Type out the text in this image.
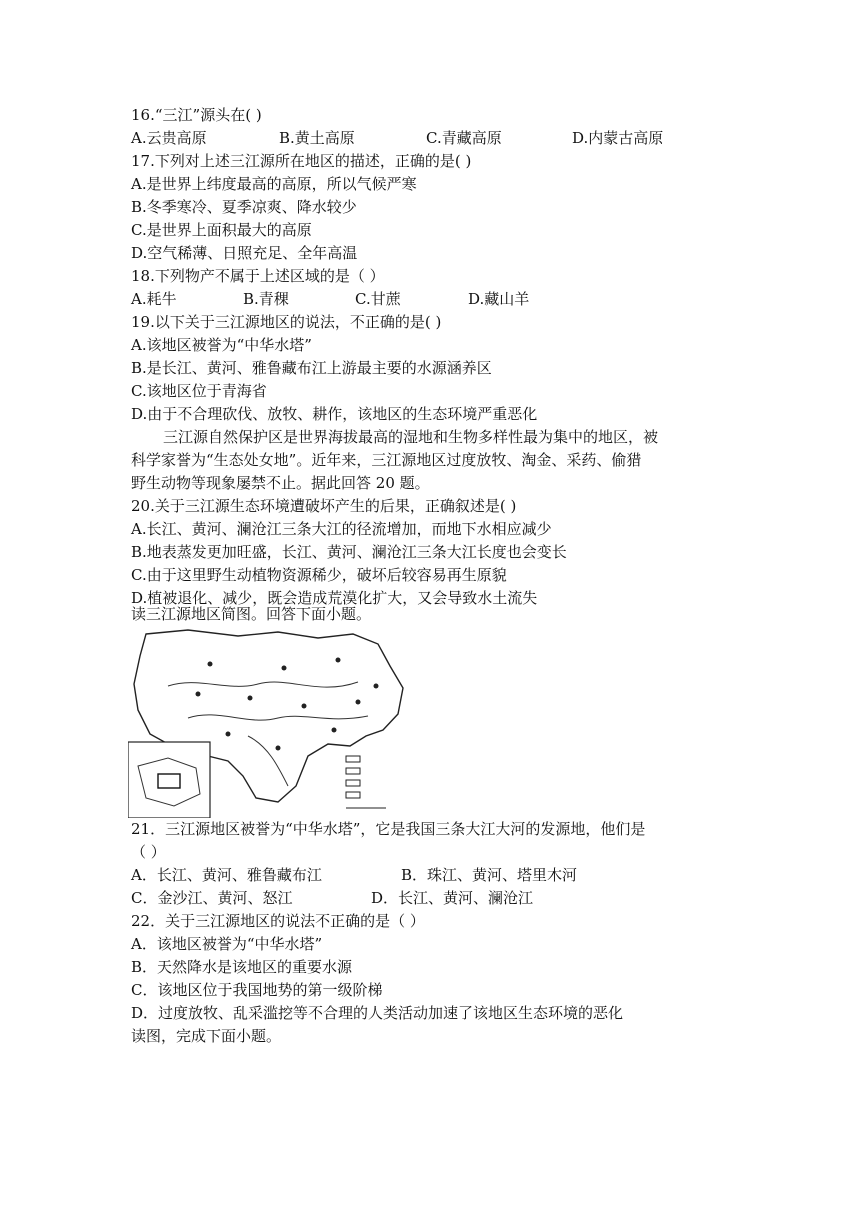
16.“三江”源头在( )
A.云贵高原	B.黄土高原	C.青藏高原	D.内蒙古高原
17.下列对上述三江源所在地区的描述，正确的是( )
A.是世界上纬度最高的高原，所以气候严寒
B.冬季寒冷、夏季凉爽、降水较少
C.是世界上面积最大的高原
D.空气稀薄、日照充足、全年高温
18.下列物产不属于上述区域的是（ ）
A.耗牛	B.青稞	C.甘蔗	D.藏山羊
19.以下关于三江源地区的说法，不正确的是( )
A.该地区被誉为“中华水塔”
B.是长江、黄河、雅鲁藏布江上游最主要的水源涵养区
C.该地区位于青海省
D.由于不合理砍伐、放牧、耕作，该地区的生态环境严重恶化
三江源自然保护区是世界海拔最高的湿地和生物多样性最为集中的地区，被
科学家誉为“生态处女地”。近年来，三江源地区过度放牧、淘金、采药、偷猎
野生动物等现象屡禁不止。据此回答 20 题。
20.关于三江源生态环境遭破坏产生的后果，正确叙述是( )
A.长江、黄河、澜沧江三条大江的径流增加，而地下水相应减少
B.地表蒸发更加旺盛，长江、黄河、澜沧江三条大江长度也会变长
C.由于这里野生动植物资源稀少，破坏后较容易再生原貌
D.植被退化、减少，既会造成荒漠化扩大，又会导致水土流失
读三江源地区简图。回答下面小题。
21．三江源地区被誉为“中华水塔”，它是我国三条大江大河的发源地，他们是
（ ）
A．长江、黄河、雅鲁藏布江	B．珠江、黄河、塔里木河
C．金沙江、黄河、怒江	D．长江、黄河、澜沧江
22．关于三江源地区的说法不正确的是（ ）
A．该地区被誉为“中华水塔”
B．天然降水是该地区的重要水源
C．该地区位于我国地势的第一级阶梯
D．过度放牧、乱采滥挖等不合理的人类活动加速了该地区生态环境的恶化
读图，完成下面小题。
